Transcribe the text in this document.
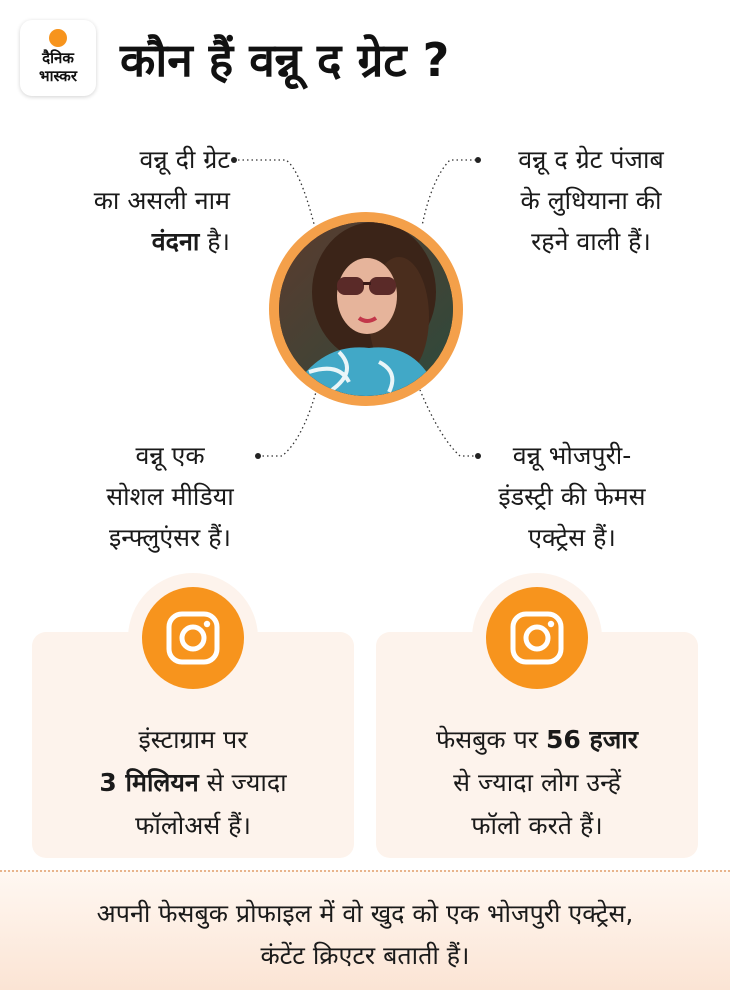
दैनिक
भास्कर कौन हैं वन्नू द ग्रेट ?
वन्नू दी ग्रेट
का असली नाम
वंदना है।
वन्नू द ग्रेट पंजाब
के लुधियाना की
रहने वाली हैं।
वन्नू एक
सोशल मीडिया
इन्फ्लुएंसर हैं।
वन्नू भोजपुरी-
इंडस्ट्री की फेमस
एक्ट्रेस हैं।
इंस्टाग्राम पर
3 मिलियन से ज्यादा
फॉलोअर्स हैं।
फेसबुक पर 56 हजार
से ज्यादा लोग उन्हें
फॉलो करते हैं।
अपनी फेसबुक प्रोफाइल में वो खुद को एक भोजपुरी एक्ट्रेस,
कंटेंट क्रिएटर बताती हैं।
